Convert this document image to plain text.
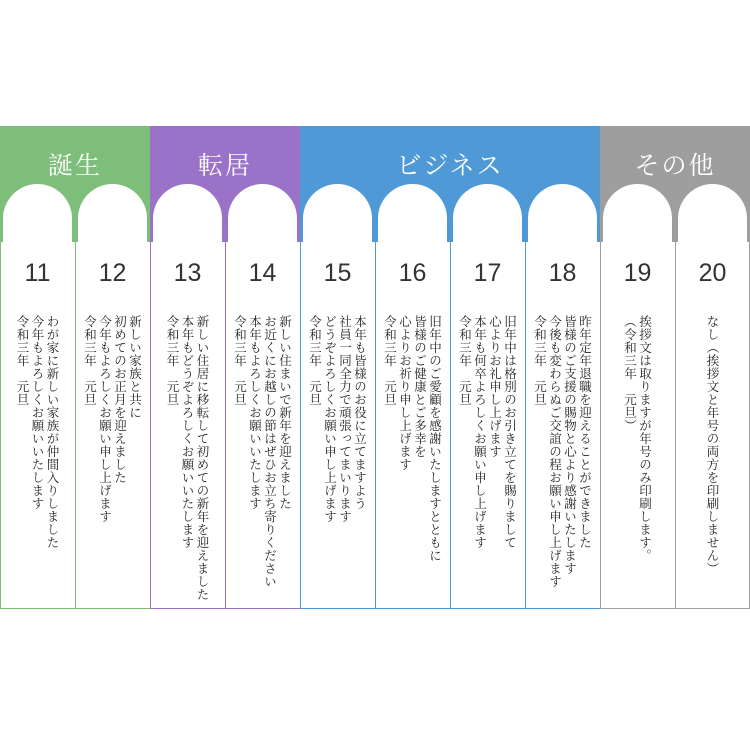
誕生	転居	ビジネス	その他
11
わが家に新しい家族が仲間入りしました
今年もよろしくお願いいたします
令和三年　元旦
12
新しい家族と共に
初めてのお正月を迎えました
今年もよろしくお願い申し上げます
令和三年　元旦
13
新しい住居に移転して初めての新年を迎えました
本年もどうぞよろしくお願いいたします
令和三年　元旦
14
新しい住まいで新年を迎えました
お近くにお越しの節はぜひお立ち寄りください
本年もよろしくお願いいたします
令和三年　元旦
15
本年も皆様のお役に立てますよう
社員一同全力で頑張ってまいります
どうぞよろしくお願い申し上げます
令和三年　元旦
16
旧年中のご愛顧を感謝いたしますとともに
皆様のご健康とご多幸を
心よりお祈り申し上げます
令和三年　元旦
17
旧年中は格別のお引き立てを賜りまして
心よりお礼申し上げます
本年も何卒よろしくお願い申し上げます
令和三年　元旦
18
昨年定年退職を迎えることができました
皆様のご支援の賜物と心より感謝いたします
今後も変わらぬご交誼の程お願い申し上げます
令和三年　元旦
19
挨拶文は取りますが年号のみ印刷します。
（令和三年　元旦）
20
なし（挨拶文と年号の両方を印刷しません）
